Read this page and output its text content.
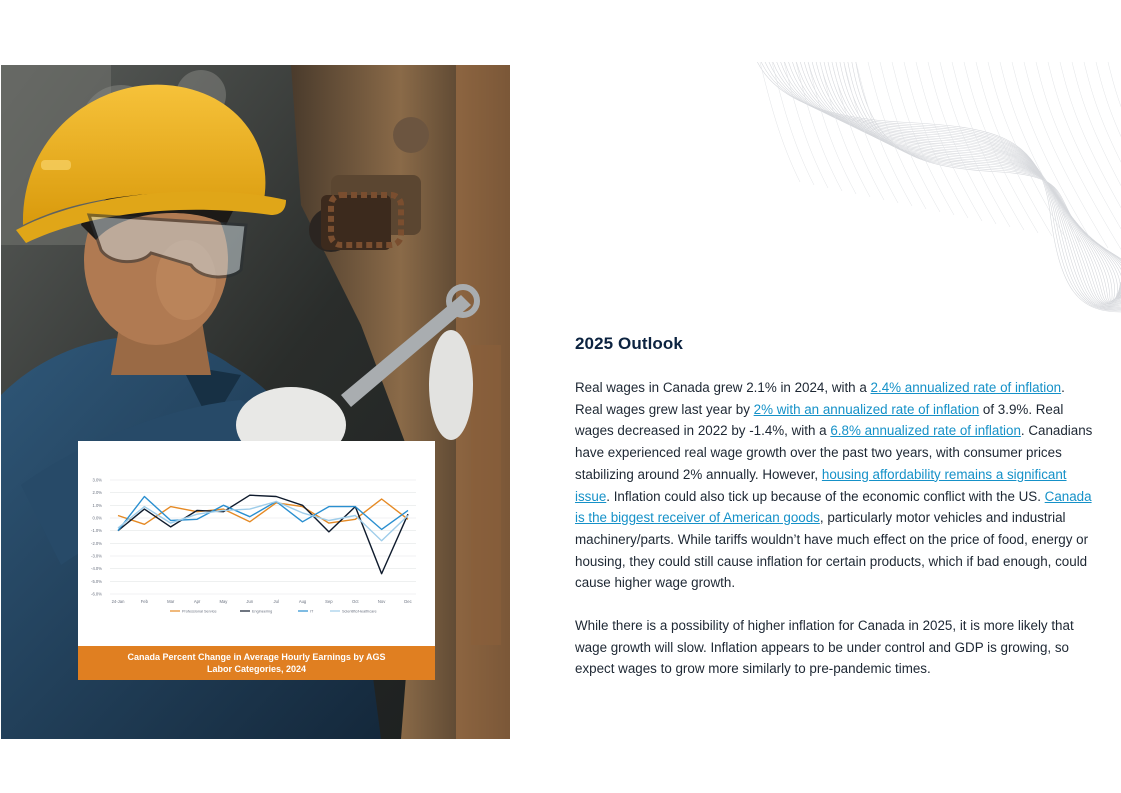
3.0%
2.0%
1.0%
0.0%
-1.0%
-2.0%
-3.0%
-4.0%
-5.0%
-6.0%
24-Jan	Feb	Mar	Apr	May	Jun	Jul	Aug	Sep	Oct	Nov	Dec
Professional Service	Engineering	IT	Scientific/Healthcare
Canada Percent Change in Average Hourly Earnings by AGS Labor Categories, 2024
2025 Outlook

Real wages in Canada grew 2.1% in 2024, with a 2.4% annualized rate of inflation. Real wages grew last year by 2% with an annualized rate of inflation of 3.9%. Real wages decreased in 2022 by -1.4%, with a 6.8% annualized rate of inflation. Canadians have experienced real wage growth over the past two years, with consumer prices stabilizing around 2% annually. However, housing affordability remains a significant issue. Inflation could also tick up because of the economic conflict with the US. Canada is the biggest receiver of American goods, particularly motor vehicles and industrial machinery/parts. While tariffs wouldn’t have much effect on the price of food, energy or housing, they could still cause inflation for certain products, which if bad enough, could cause higher wage growth.

While there is a possibility of higher inflation for Canada in 2025, it is more likely that wage growth will slow. Inflation appears to be under control and GDP is growing, so expect wages to grow more similarly to pre-pandemic times.
